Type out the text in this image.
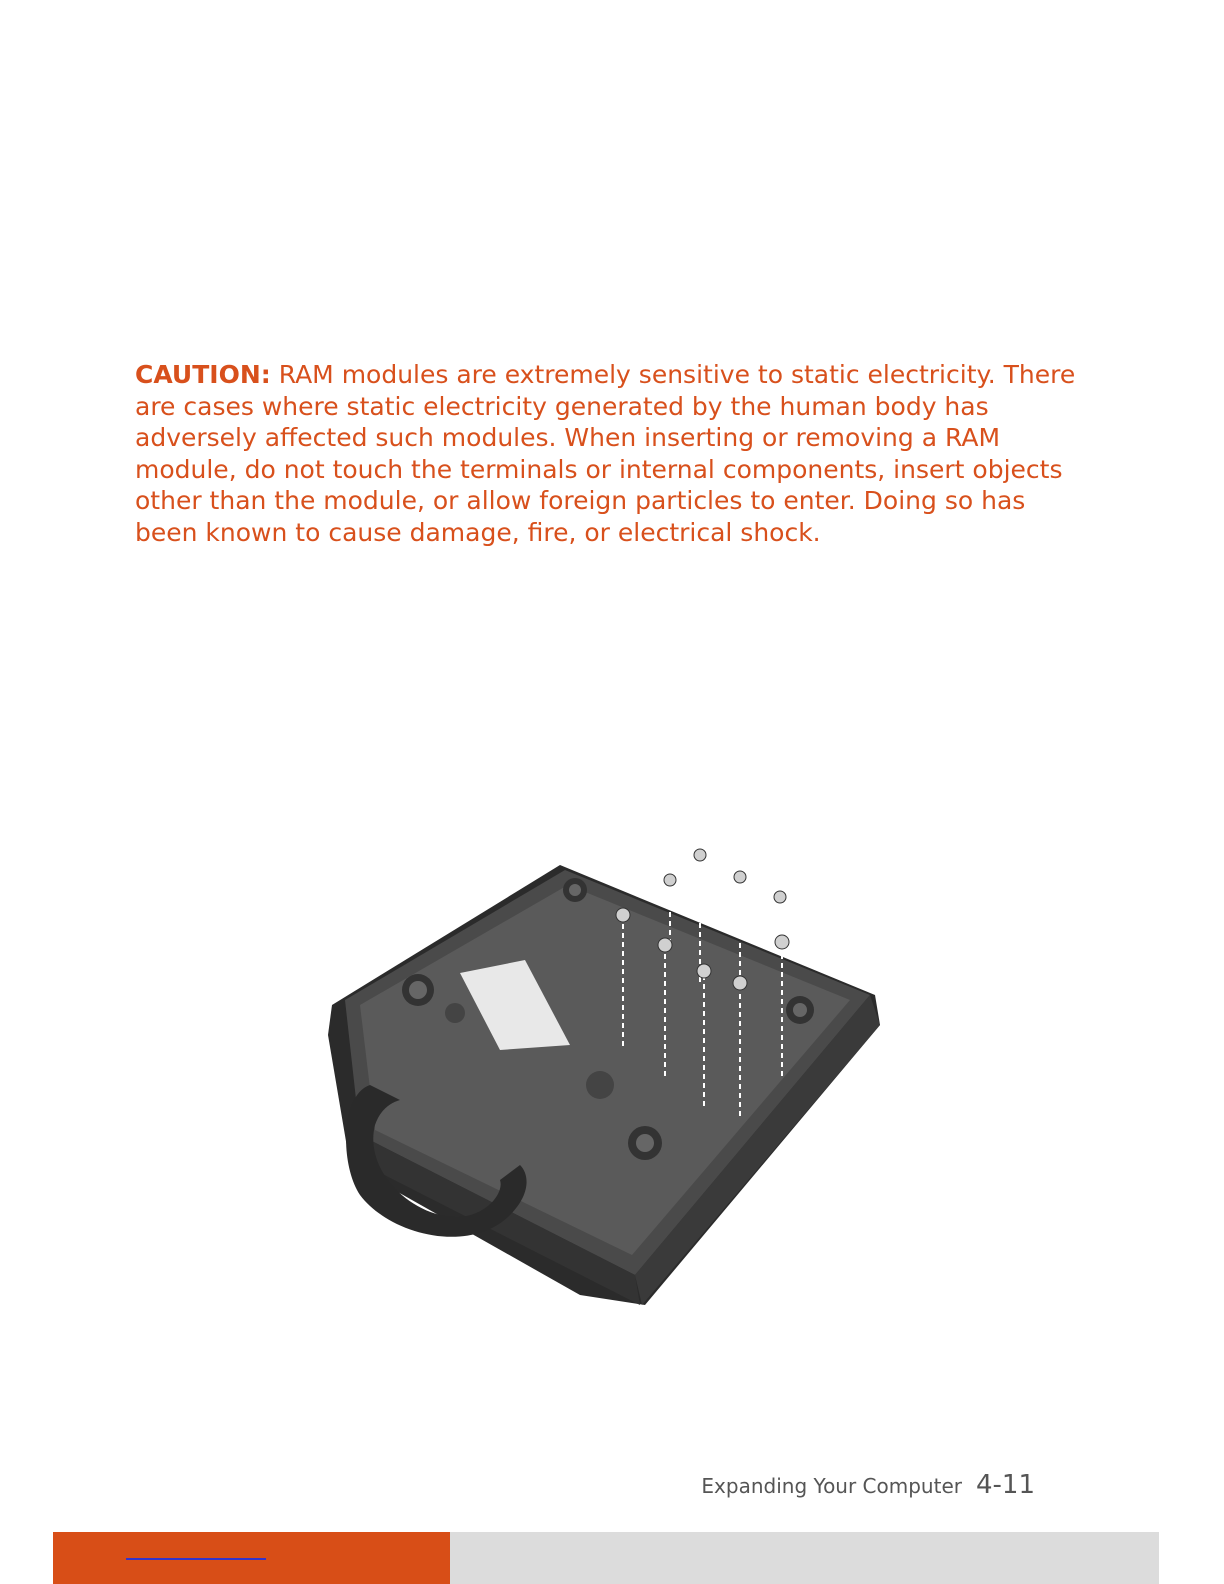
CAUTION: RAM modules are extremely sensitive to static electricity. There are cases where static electricity generated by the human body has adversely affected such modules. When inserting or removing a RAM module, do not touch the terminals or internal components, insert objects other than the module, or allow foreign particles to enter. Doing so has been known to cause damage, fire, or electrical shock.

Expanding Your Computer 4-11
